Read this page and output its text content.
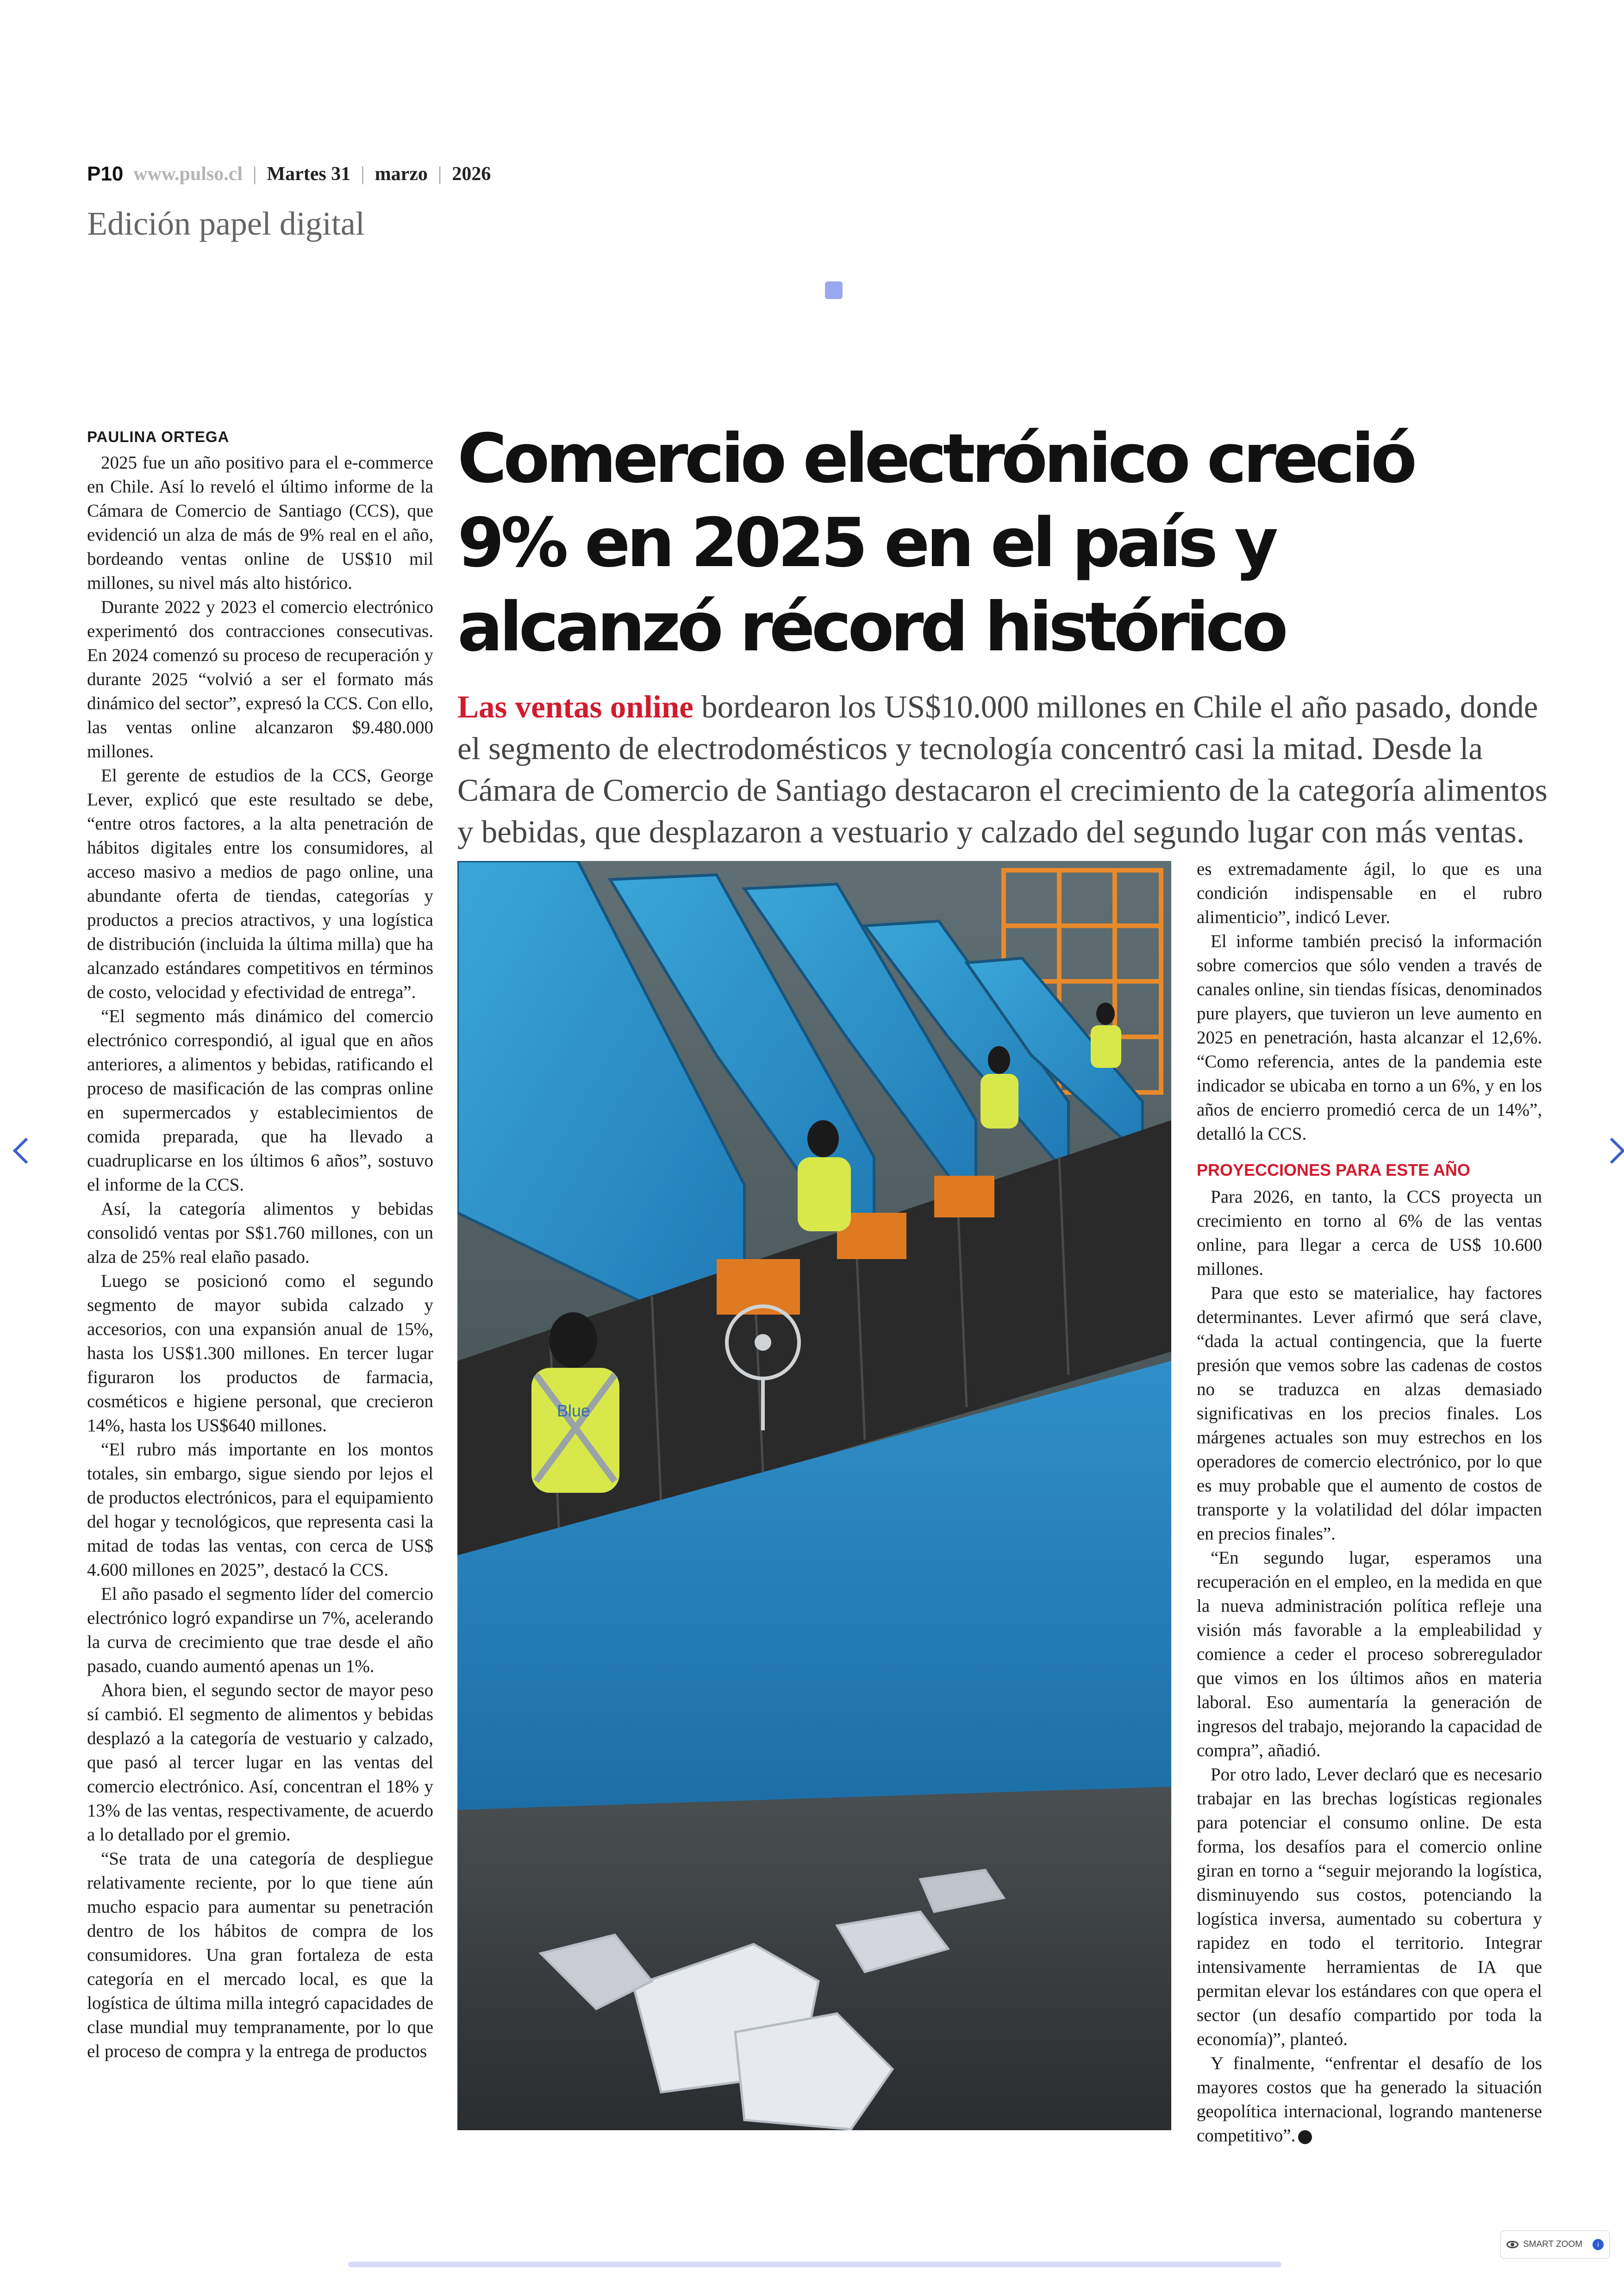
P10 www.pulso.cl | Martes 31 | marzo | 2026
Edición papel digital

PAULINA ORTEGA

2025 fue un año positivo para el e-commerce en Chile. Así lo reveló el último informe de la Cámara de Comercio de Santiago (CCS), que evidenció un alza de más de 9% real en el año, bordeando ventas online de US$10 mil millones, su nivel más alto histórico.

Durante 2022 y 2023 el comercio electrónico experimentó dos contracciones consecutivas. En 2024 comenzó su proceso de recuperación y durante 2025 “volvió a ser el formato más dinámico del sector”, expresó la CCS. Con ello, las ventas online alcanzaron $9.480.000 millones.

El gerente de estudios de la CCS, George Lever, explicó que este resultado se debe, “entre otros factores, a la alta penetración de hábitos digitales entre los consumidores, al acceso masivo a medios de pago online, una abundante oferta de tiendas, categorías y productos a precios atractivos, y una logística de distribución (incluida la última milla) que ha alcanzado estándares competitivos en términos de costo, velocidad y efectividad de entrega”.

“El segmento más dinámico del comercio electrónico correspondió, al igual que en años anteriores, a alimentos y bebidas, ratificando el proceso de masificación de las compras online en supermercados y establecimientos de comida preparada, que ha llevado a cuadruplicarse en los últimos 6 años”, sostuvo el informe de la CCS.

Así, la categoría alimentos y bebidas consolidó ventas por S$1.760 millones, con un alza de 25% real elaño pasado.

Luego se posicionó como el segundo segmento de mayor subida calzado y accesorios, con una expansión anual de 15%, hasta los US$1.300 millones. En tercer lugar figuraron los productos de farmacia, cosméticos e higiene personal, que crecieron 14%, hasta los US$640 millones.

“El rubro más importante en los montos totales, sin embargo, sigue siendo por lejos el de productos electrónicos, para el equipamiento del hogar y tecnológicos, que representa casi la mitad de todas las ventas, con cerca de US$ 4.600 millones en 2025”, destacó la CCS.

El año pasado el segmento líder del comercio electrónico logró expandirse un 7%, acelerando la curva de crecimiento que trae desde el año pasado, cuando aumentó apenas un 1%.

Ahora bien, el segundo sector de mayor peso sí cambió. El segmento de alimentos y bebidas desplazó a la categoría de vestuario y calzado, que pasó al tercer lugar en las ventas del comercio electrónico. Así, concentran el 18% y 13% de las ventas, respectivamente, de acuerdo a lo detallado por el gremio.

“Se trata de una categoría de despliegue relativamente reciente, por lo que tiene aún mucho espacio para aumentar su penetración dentro de los hábitos de compra de los consumidores. Una gran fortaleza de esta categoría en el mercado local, es que la logística de última milla integró capacidades de clase mundial muy tempranamente, por lo que el proceso de compra y la entrega de productos

Comercio electrónico creció 9% en 2025 en el país y alcanzó récord histórico

Las ventas online bordearon los US$10.000 millones en Chile el año pasado, donde el segmento de electrodomésticos y tecnología concentró casi la mitad. Desde la Cámara de Comercio de Santiago destacaron el crecimiento de la categoría alimentos y bebidas, que desplazaron a vestuario y calzado del segundo lugar con más ventas.

Blue

es extremadamente ágil, lo que es una condición indispensable en el rubro alimenticio”, indicó Lever.

El informe también precisó la información sobre comercios que sólo venden a través de canales online, sin tiendas físicas, denominados pure players, que tuvieron un leve aumento en 2025 en penetración, hasta alcanzar el 12,6%. “Como referencia, antes de la pandemia este indicador se ubicaba en torno a un 6%, y en los años de encierro promedió cerca de un 14%”, detalló la CCS.

PROYECCIONES PARA ESTE AÑO

Para 2026, en tanto, la CCS proyecta un crecimiento en torno al 6% de las ventas online, para llegar a cerca de US$ 10.600 millones.

Para que esto se materialice, hay factores determinantes. Lever afirmó que será clave, “dada la actual contingencia, que la fuerte presión que vemos sobre las cadenas de costos no se traduzca en alzas demasiado significativas en los precios finales. Los márgenes actuales son muy estrechos en los operadores de comercio electrónico, por lo que es muy probable que el aumento de costos de transporte y la volatilidad del dólar impacten en precios finales”.

“En segundo lugar, esperamos una recuperación en el empleo, en la medida en que la nueva administración política refleje una visión más favorable a la empleabilidad y comience a ceder el proceso sobreregulador que vimos en los últimos años en materia laboral. Eso aumentaría la generación de ingresos del trabajo, mejorando la capacidad de compra”, añadió.

Por otro lado, Lever declaró que es necesario trabajar en las brechas logísticas regionales para potenciar el consumo online. De esta forma, los desafíos para el comercio online giran en torno a “seguir mejorando la logística, disminuyendo sus costos, potenciando la logística inversa, aumentado su cobertura y rapidez en todo el territorio. Integrar intensivamente herramientas de IA que permitan elevar los estándares con que opera el sector (un desafío compartido por toda la economía)”, planteó.

Y finalmente, “enfrentar el desafío de los mayores costos que ha generado la situación geopolítica internacional, logrando mantenerse competitivo”.

SMART ZOOM	i
